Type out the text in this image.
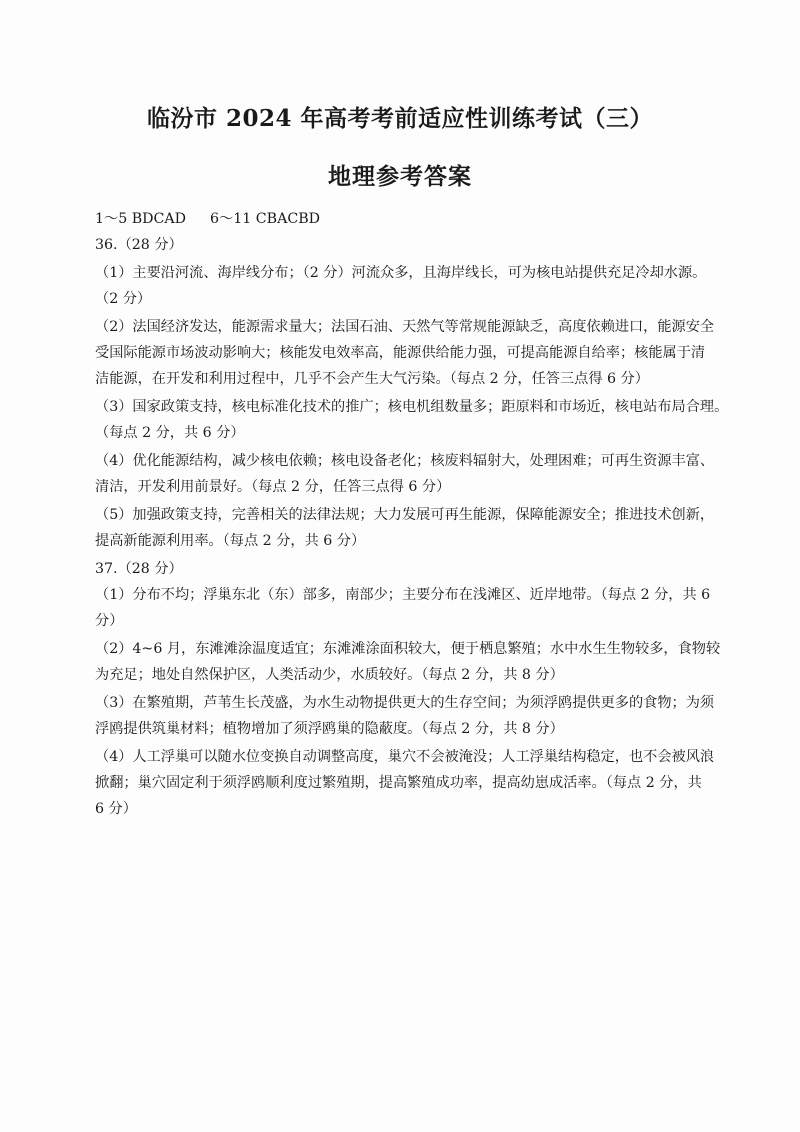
临汾市 2024 年高考考前适应性训练考试（三）
地理参考答案
1～5 BDCAD 6～11 CBACBD
36.（28 分）
（1）主要沿河流、海岸线分布；（2 分）河流众多，且海岸线长，可为核电站提供充足冷却水源。
（2 分）
（2）法国经济发达，能源需求量大；法国石油、天然气等常规能源缺乏，高度依赖进口，能源安全
受国际能源市场波动影响大；核能发电效率高，能源供给能力强，可提高能源自给率；核能属于清
洁能源，在开发和利用过程中，几乎不会产生大气污染。（每点 2 分，任答三点得 6 分）
（3）国家政策支持，核电标准化技术的推广；核电机组数量多；距原料和市场近，核电站布局合理。
（每点 2 分，共 6 分）
（4）优化能源结构，减少核电依赖；核电设备老化；核废料辐射大，处理困难；可再生资源丰富、
清洁，开发利用前景好。（每点 2 分，任答三点得 6 分）
（5）加强政策支持，完善相关的法律法规；大力发展可再生能源，保障能源安全；推进技术创新，
提高新能源利用率。（每点 2 分，共 6 分）
37.（28 分）
（1）分布不均；浮巢东北（东）部多，南部少；主要分布在浅滩区、近岸地带。（每点 2 分，共 6
分）
（2）4~6 月，东滩滩涂温度适宜；东滩滩涂面积较大，便于栖息繁殖；水中水生生物较多，食物较
为充足；地处自然保护区，人类活动少，水质较好。（每点 2 分，共 8 分）
（3）在繁殖期，芦苇生长茂盛，为水生动物提供更大的生存空间；为须浮鸥提供更多的食物；为须
浮鸥提供筑巢材料；植物增加了须浮鸥巢的隐蔽度。（每点 2 分，共 8 分）
（4）人工浮巢可以随水位变换自动调整高度，巢穴不会被淹没；人工浮巢结构稳定，也不会被风浪
掀翻；巢穴固定利于须浮鸥顺利度过繁殖期，提高繁殖成功率，提高幼崽成活率。（每点 2 分，共
6 分）
